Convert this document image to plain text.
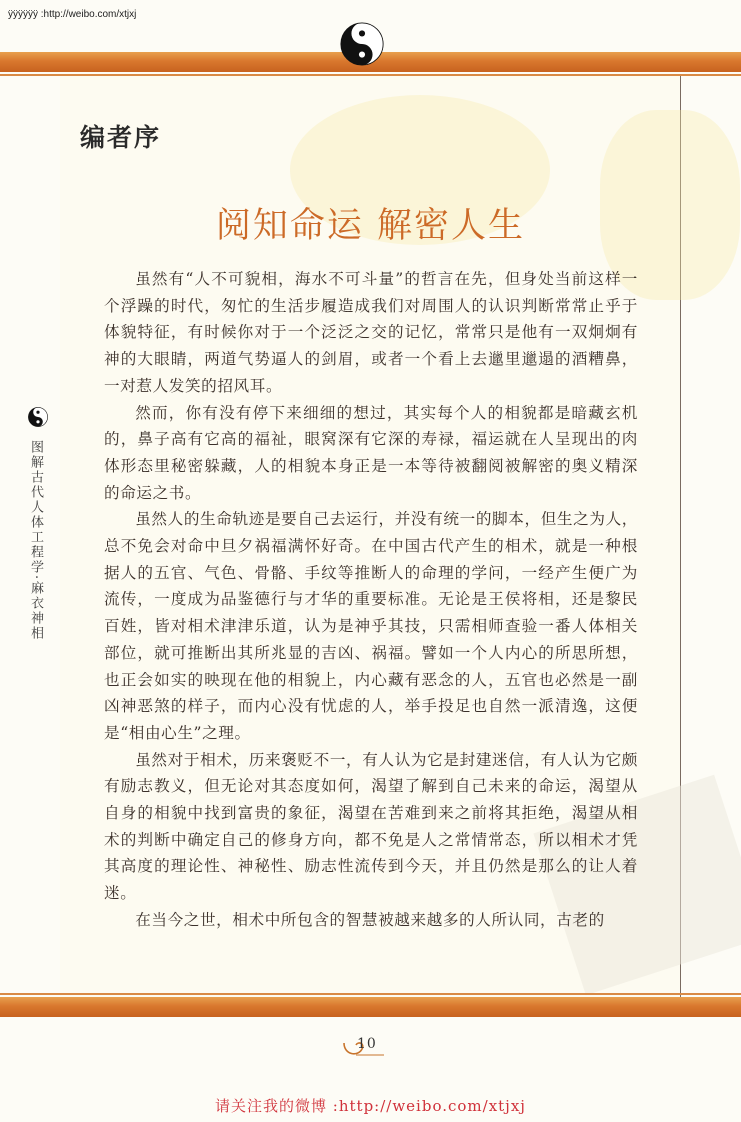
ÿÿÿÿÿÿ :http://weibo.com/xtjxj
编者序
阅知命运 解密人生

虽然有“人不可貌相，海水不可斗量”的哲言在先，但身处当前这样一个浮躁的时代，匆忙的生活步履造成我们对周围人的认识判断常常止乎于体貌特征，有时候你对于一个泛泛之交的记忆，常常只是他有一双炯炯有神的大眼睛，两道气势逼人的剑眉，或者一个看上去邋里邋遢的酒糟鼻，一对惹人发笑的招风耳。

然而，你有没有停下来细细的想过，其实每个人的相貌都是暗藏玄机的，鼻子高有它高的福祉，眼窝深有它深的寿禄，福运就在人呈现出的肉体形态里秘密躲藏，人的相貌本身正是一本等待被翻阅被解密的奥义精深的命运之书。

虽然人的生命轨迹是要自己去运行，并没有统一的脚本，但生之为人，总不免会对命中旦夕祸福满怀好奇。在中国古代产生的相术，就是一种根据人的五官、气色、骨骼、手纹等推断人的命理的学问，一经产生便广为流传，一度成为品鉴德行与才华的重要标准。无论是王侯将相，还是黎民百姓，皆对相术津津乐道，认为是神乎其技，只需相师查验一番人体相关部位，就可推断出其所兆显的吉凶、祸福。譬如一个人内心的所思所想，也正会如实的映现在他的相貌上，内心藏有恶念的人，五官也必然是一副凶神恶煞的样子，而内心没有忧虑的人，举手投足也自然一派清逸，这便是“相由心生”之理。

虽然对于相术，历来褒贬不一，有人认为它是封建迷信，有人认为它颇有励志教义，但无论对其态度如何，渴望了解到自己未来的命运，渴望从自身的相貌中找到富贵的象征，渴望在苦难到来之前将其拒绝，渴望从相术的判断中确定自己的修身方向，都不免是人之常情常态，所以相术才凭其高度的理论性、神秘性、励志性流传到今天，并且仍然是那么的让人着迷。

在当今之世，相术中所包含的智慧被越来越多的人所认同，古老的

图解古代人体工程学·麻衣神相
10
请关注我的微博 :http://weibo.com/xtjxj
